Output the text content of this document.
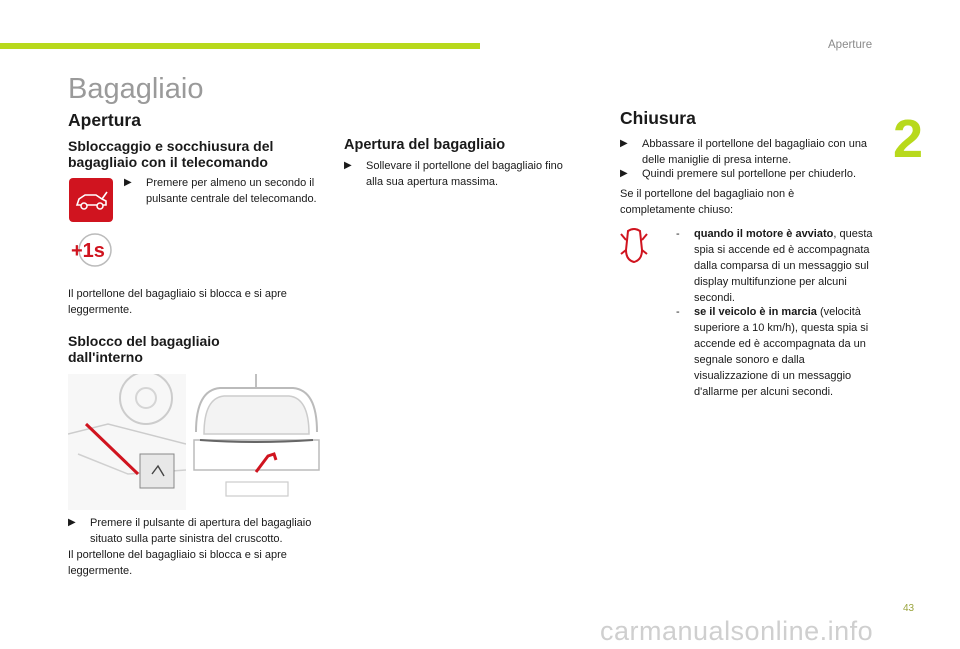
Aperture
2
Bagagliaio
Apertura
Sbloccaggio e socchiusura del bagagliaio con il telecomando
▶	Premere per almeno un secondo il pulsante centrale del telecomando.
+1s
Il portellone del bagagliaio si blocca e si apre leggermente.
Sblocco del bagagliaio dall'interno
▶	Premere il pulsante di apertura del bagagliaio situato sulla parte sinistra del cruscotto.
Il portellone del bagagliaio si blocca e si apre leggermente.
Apertura del bagagliaio
▶	Sollevare il portellone del bagagliaio fino alla sua apertura massima.
Chiusura
▶	Abbassare il portellone del bagagliaio con una delle maniglie di presa interne.
▶	Quindi premere sul portellone per chiuderlo.
Se il portellone del bagagliaio non è completamente chiuso:
-	quando il motore è avviato, questa spia si accende ed è accompagnata dalla comparsa di un messaggio sul display multifunzione per alcuni secondi.
-	se il veicolo è in marcia (velocità superiore a 10 km/h), questa spia si accende ed è accompagnata da un segnale sonoro e dalla visualizzazione di un messaggio d'allarme per alcuni secondi.
43
carmanualsonline.info
